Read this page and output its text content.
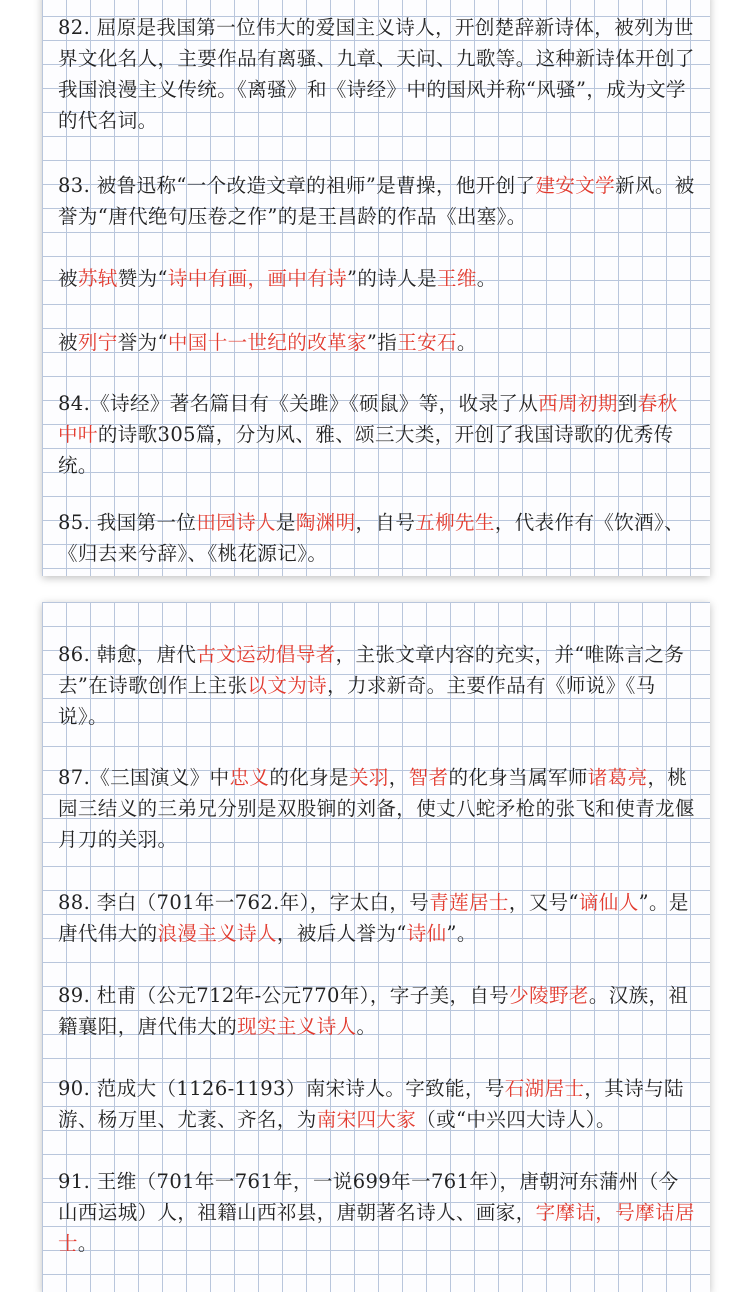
82. 屈原是我国第一位伟大的爱国主义诗人，开创楚辞新诗体，被列为世界文化名人，主要作品有离骚、九章、天问、九歌等。这种新诗体开创了我国浪漫主义传统。《离骚》和《诗经》中的国风并称“风骚”，成为文学的代名词。
83. 被鲁迅称“一个改造文章的祖师”是曹操，他开创了建安文学新风。被誉为“唐代绝句压卷之作”的是王昌龄的作品《出塞》。
被苏轼赞为“诗中有画，画中有诗”的诗人是王维。
被列宁誉为“中国十一世纪的改革家”指王安石。
84.《诗经》著名篇目有《关雎》《硕鼠》等，收录了从西周初期到春秋中叶的诗歌305篇，分为风、雅、颂三大类，开创了我国诗歌的优秀传统。
85. 我国第一位田园诗人是陶渊明，自号五柳先生，代表作有《饮酒》、《归去来兮辞》、《桃花源记》。
86. 韩愈，唐代古文运动倡导者，主张文章内容的充实，并“唯陈言之务去”在诗歌创作上主张以文为诗，力求新奇。主要作品有《师说》《马说》。
87.《三国演义》中忠义的化身是关羽，智者的化身当属军师诸葛亮，桃园三结义的三弟兄分别是双股锏的刘备，使丈八蛇矛枪的张飞和使青龙偃月刀的关羽。
88. 李白（701年一762.年），字太白，号青莲居士，又号“谪仙人”。是唐代伟大的浪漫主义诗人，被后人誉为“诗仙”。
89. 杜甫（公元712年-公元770年），字子美，自号少陵野老。汉族，祖籍襄阳，唐代伟大的现实主义诗人。
90. 范成大（1126-1193）南宋诗人。字致能，号石湖居士，其诗与陆游、杨万里、尤袤、齐名，为南宋四大家（或“中兴四大诗人）。
91. 王维（701年一761年，一说699年一761年），唐朝河东蒲州（今山西运城）人，祖籍山西祁县，唐朝著名诗人、画家，字摩诘，号摩诘居士。
